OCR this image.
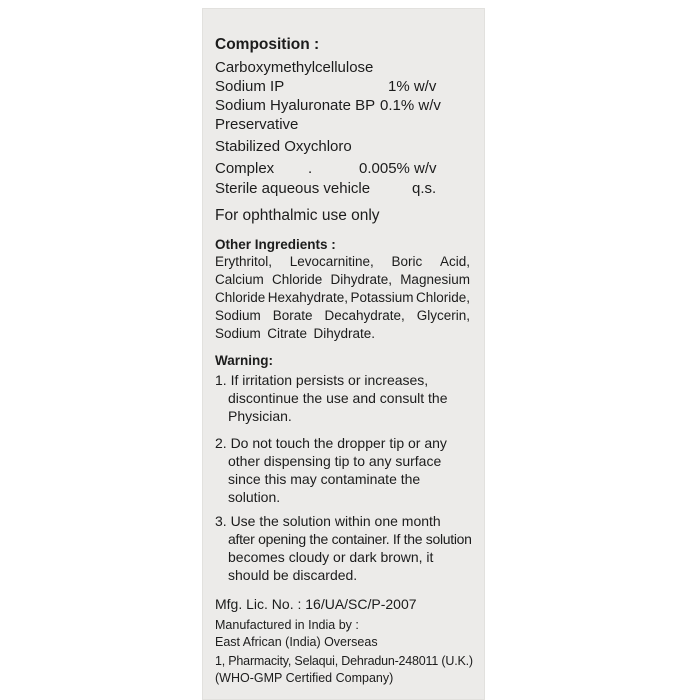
Composition :
Carboxymethylcellulose
Sodium IP	1% w/v
Sodium Hyaluronate BP 0.1% w/v
Preservative
Stabilized Oxychloro
Complex .	0.005% w/v
Sterile aqueous vehicle	q.s.
For ophthalmic use only
Other Ingredients :
Erythritol, Levocarnitine, Boric Acid,
Calcium Chloride Dihydrate, Magnesium
Chloride Hexahydrate, Potassium Chloride,
Sodium Borate Decahydrate, Glycerin,
Sodium Citrate Dihydrate.
Warning:
1. If irritation persists or increases,
discontinue the use and consult the
Physician.
2. Do not touch the dropper tip or any
other dispensing tip to any surface
since this may contaminate the
solution.
3. Use the solution within one month
after opening the container. If the solution
becomes cloudy or dark brown, it
should be discarded.
Mfg. Lic. No. : 16/UA/SC/P-2007
Manufactured in India by :
East African (India) Overseas
1, Pharmacity, Selaqui, Dehradun-248011 (U.K.)
(WHO-GMP Certified Company)
